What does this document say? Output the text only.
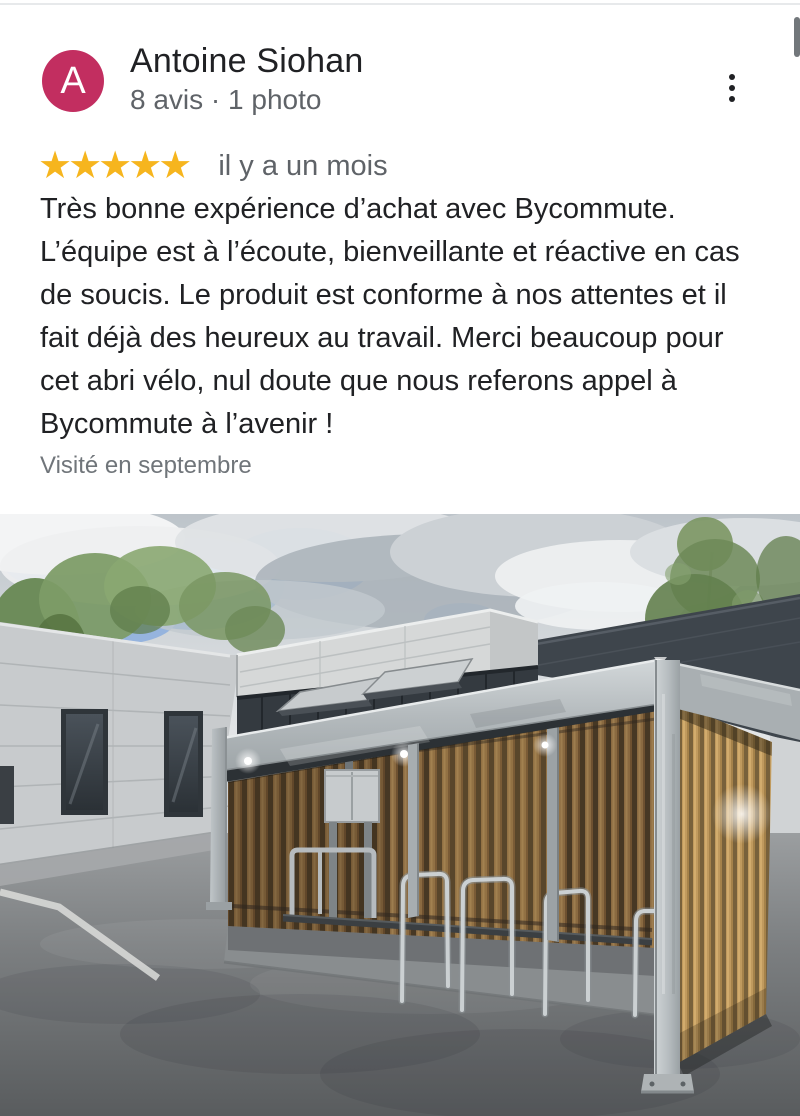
A	Antoine Siohan
8 avis · 1 photo
★★★★★ il y a un mois
Très bonne expérience d’achat avec Bycommute. L’équipe est à l’écoute, bienveillante et réactive en cas de soucis. Le produit est conforme à nos attentes et il fait déjà des heureux au travail. Merci beaucoup pour cet abri vélo, nul doute que nous referons appel à Bycommute à l’avenir !
Visité en septembre
